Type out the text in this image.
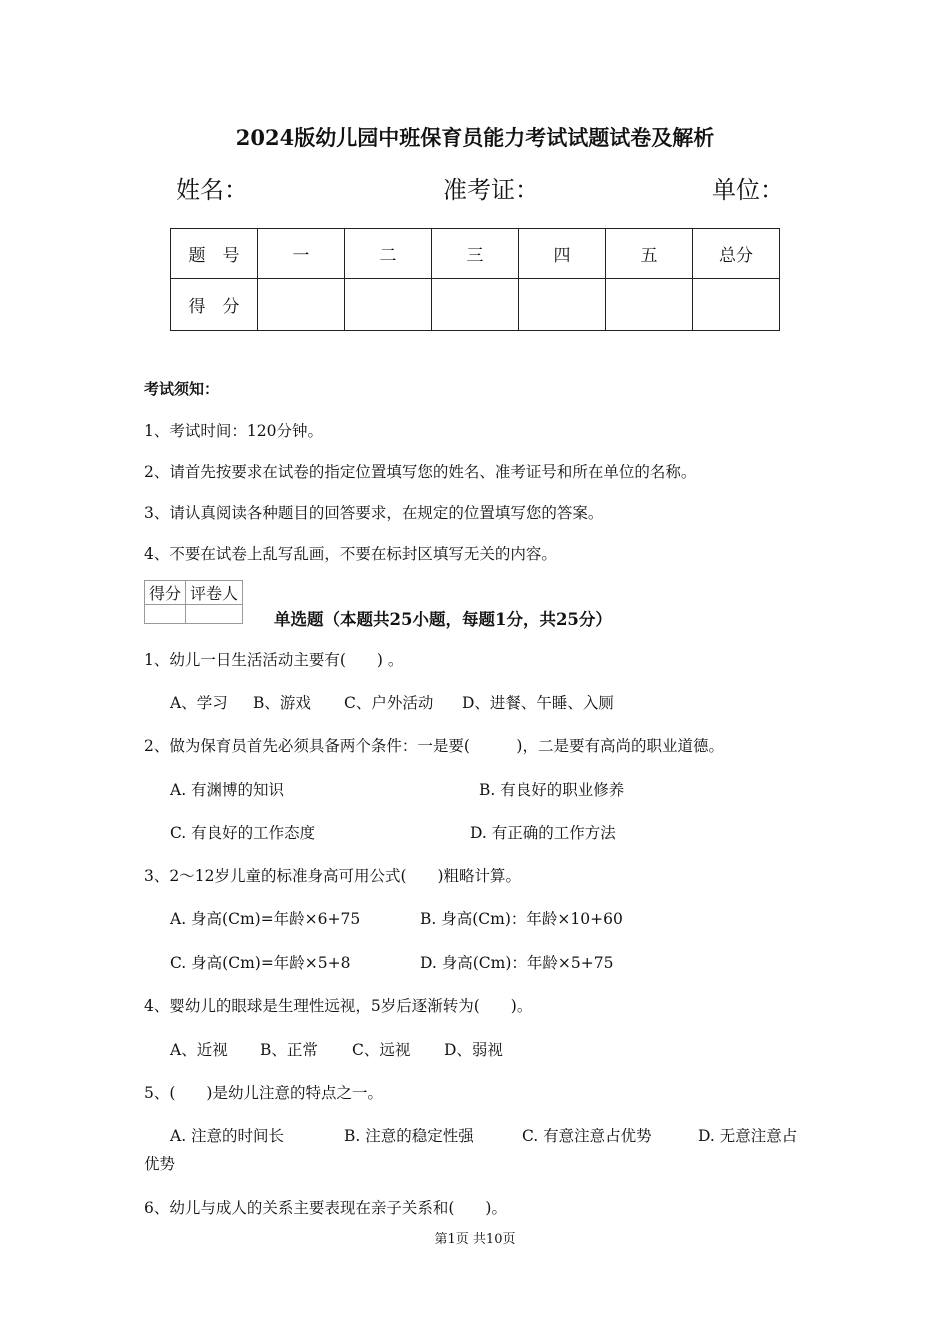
2024版幼儿园中班保育员能力考试试题试卷及解析
姓名：	准考证：	单位：
题　号	一	二	三	四	五	总分
得　分						
考试须知：
1、考试时间：120分钟。
2、请首先按要求在试卷的指定位置填写您的姓名、准考证号和所在单位的名称。
3、请认真阅读各种题目的回答要求，在规定的位置填写您的答案。
4、不要在试卷上乱写乱画，不要在标封区填写无关的内容。
得分	评卷人

单选题（本题共25小题，每题1分，共25分）
1、幼儿一日生活活动主要有(　　) 。
A、学习 B、游戏 C、户外活动 D、进餐、午睡、入厕
2、做为保育员首先必须具备两个条件：一是要(　　　)，二是要有高尚的职业道德。
A. 有渊博的知识	B. 有良好的职业修养
C. 有良好的工作态度	D. 有正确的工作方法
3、2～12岁儿童的标准身高可用公式(　　)粗略计算。
A. 身高(Cm)=年龄×6+75	B. 身高(Cm)：年龄×10+60
C. 身高(Cm)=年龄×5+8	D. 身高(Cm)：年龄×5+75
4、婴幼儿的眼球是生理性远视，5岁后逐渐转为(　　)。
A、近视 B、正常 C、远视 D、弱视
5、(　　)是幼儿注意的特点之一。
A. 注意的时间长	B. 注意的稳定性强	C. 有意注意占优势	D. 无意注意占
优势
6、幼儿与成人的关系主要表现在亲子关系和(　　)。
第1页 共10页
